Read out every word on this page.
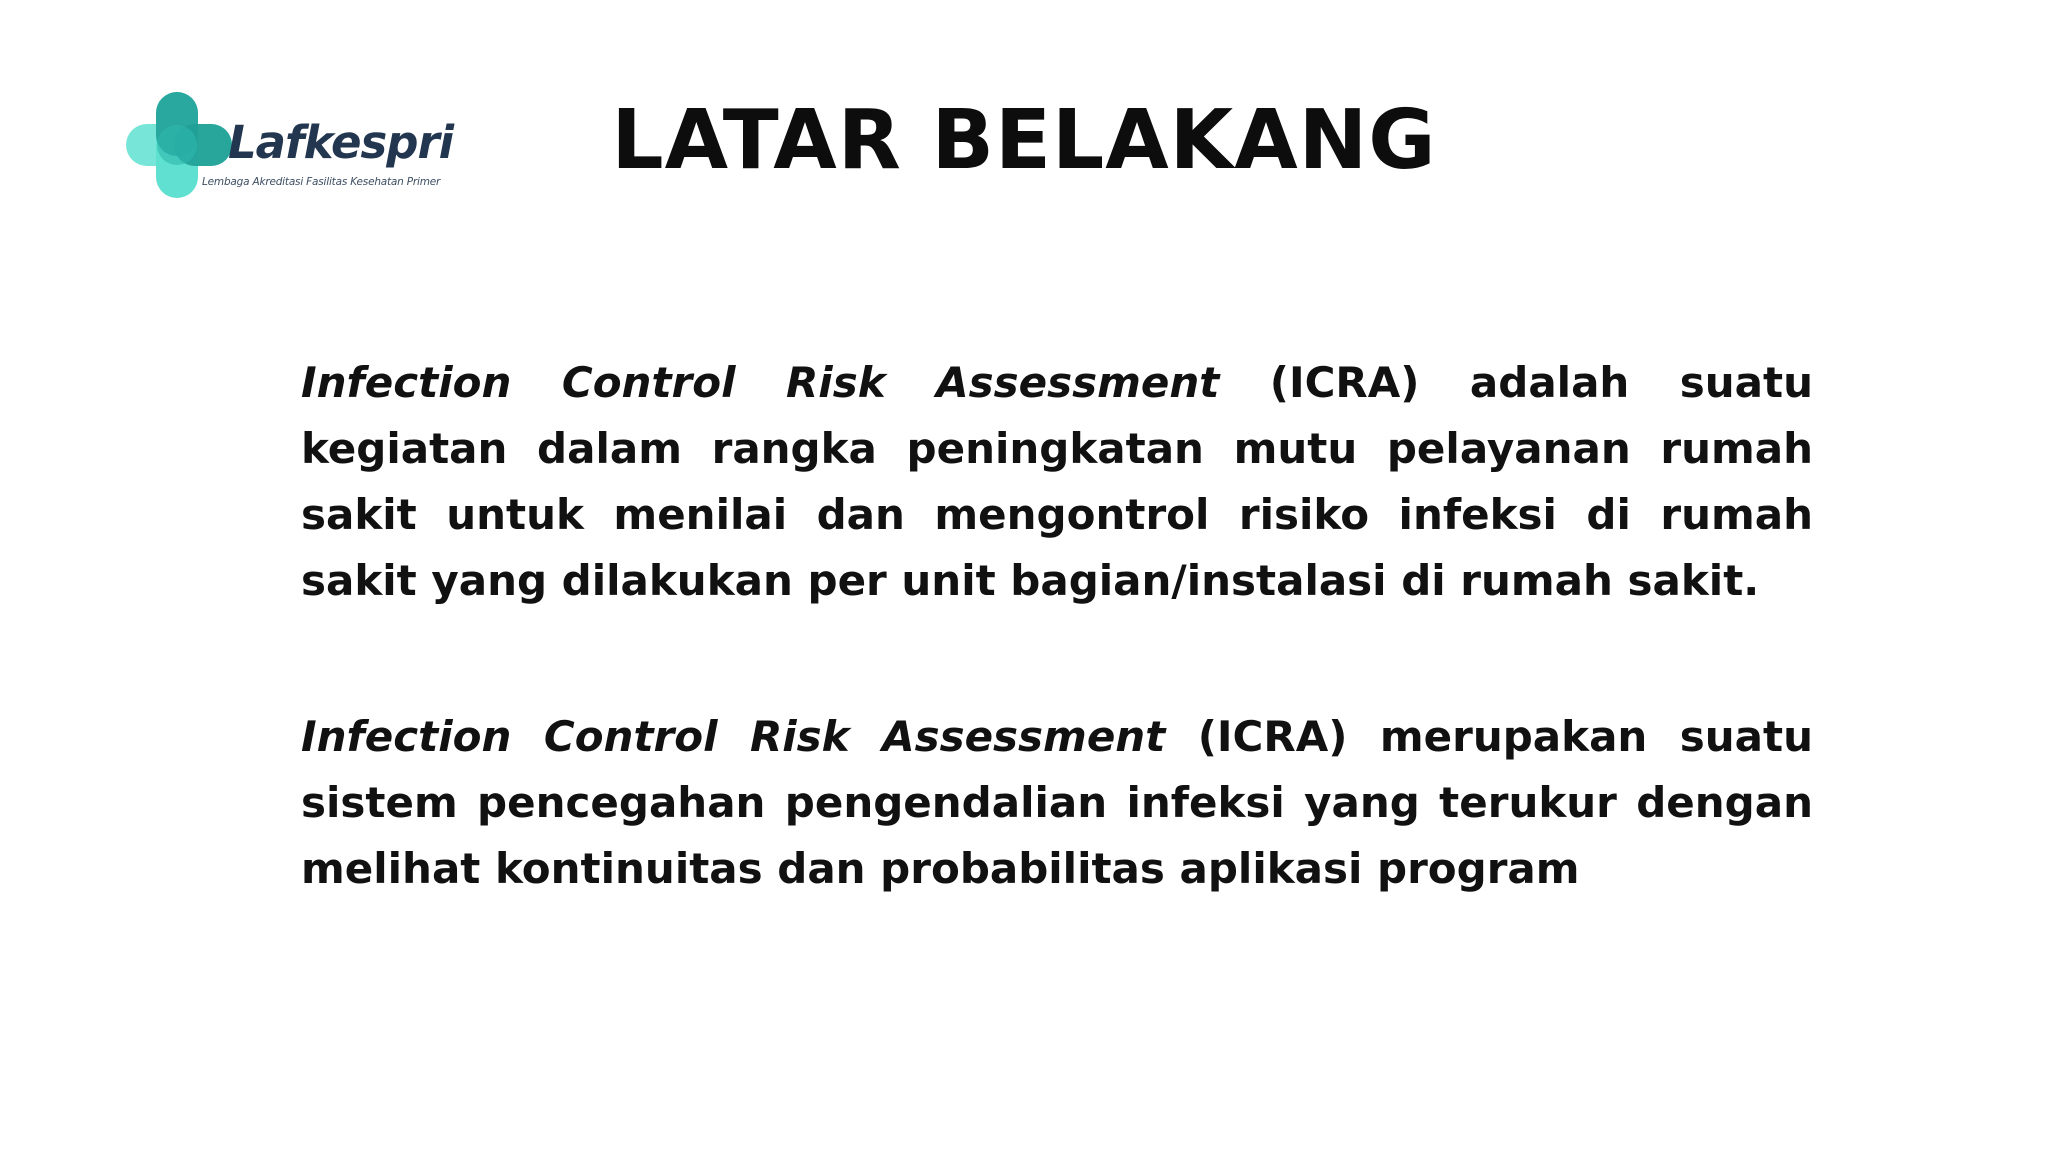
Lafkespri
Lembaga Akreditasi Fasilitas Kesehatan Primer	LATAR BELAKANG

Infection Control Risk Assessment (ICRA) adalah suatu kegiatan dalam rangka peningkatan mutu pelayanan rumah sakit untuk menilai dan mengontrol risiko infeksi di rumah sakit yang dilakukan per unit bagian/instalasi di rumah sakit.

Infection Control Risk Assessment (ICRA) merupakan suatu sistem pencegahan pengendalian infeksi yang terukur dengan melihat kontinuitas dan probabilitas aplikasi program
